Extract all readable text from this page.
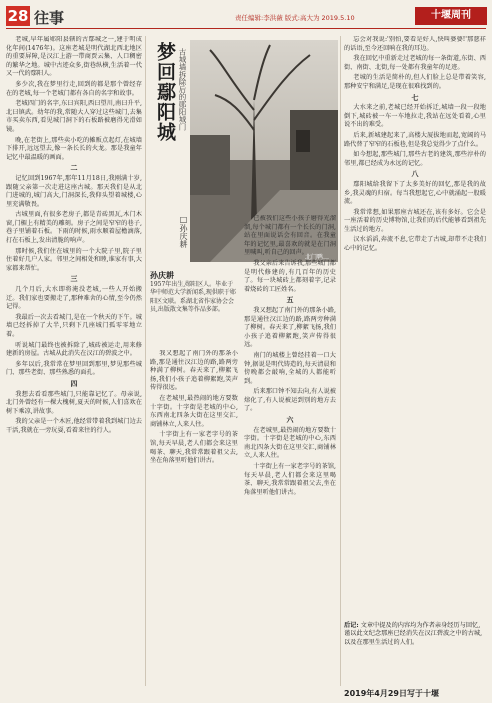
28 往事	责任编辑:李洪薇 版式:高大为 2019.5.10	十堰周刊

老城,早年属郧阳县辖的古鄢城之一,建于明成化年间(1476年)。这座老城是明代湖北西北地区的重要屏障,是汉江上游一带商贾云集、人口稠密的繁华之地。城中古迹众多,街巷纵横,生活着一代又一代的鄢阳人。

多少次,我在梦里行走,回到的都是那个曾经存在的老城,每一个老城门都有各自的名字和故事。

老城四门的名字,东曰宾阳,西曰望川,南曰升平,北曰镇武。幼年的我,常随大人穿过这些城门,去集市买卖东西,看见城门洞下的石板路被磨得光滑如镜。

晚,在老街上,那些卖小吃的摊贩点起灯,在城墙下排开,远远望去,像一条长长的火龙。那是我童年记忆中最温暖的画面。

二

记忆回到1967年,那年11月18日,我刚满十岁,跟随父亲第一次走进这座古城。那天我们是从北门进城的,城门高大,门洞深长,我仰头望着城楼,心里充满敬畏。

古城里面,有很多老房子,都是青砖黑瓦,木门木窗,门楣上有精美的雕刻。房子之间是窄窄的巷子,巷子里铺着石板。下雨的时候,雨水顺着屋檐滴落,打在石板上,发出清脆的响声。

那时候,我们住在城里的一个大院子里,院子里住着好几户人家。邻里之间相处和睦,谁家有事,大家都来帮忙。

三

几个月后,大水即将淹没老城,一些人开始搬迁。我们家也要搬走了,那种难舍的心情,至今仍然记得。

我最后一次去看城门,是在一个秋天的下午。城墙已经拆掉了大半,只剩下几座城门孤零零地立着。

听说城门最终也被拆除了,城砖被运走,用来修建新的房屋。古城从此消失在汉江的碧波之中。

多年以后,我常常在梦里回到那里,梦见那些城门、那些老街、那些熟悉的面孔。

四

我想去看看那些城门,只能靠记忆了。母亲说,北门外曾经有一棵大槐树,夏天的时候,人们喜欢在树下乘凉,讲故事。

我的父亲是一个木匠,他经常带着我到城门边去干活,我就在一旁玩耍,看着来往的行人。

梦回鄢阳城 古城墙拆除后的郧阳城门
□孙庆耕
北门鸭…
孙庆耕
1957年出生,郧阳区人。毕业于华中师范大学新闻系,现供职于郧阳区文联。系湖北省作家协会会员,出版散文集等作品多部。

已被我们这些小孩子磨得光溜溜,每个城门都有一个长长的门洞,站在里面说话会有回音。在我童年的记忆里,最喜欢的就是在门洞里喊叫,听自己的回声。

我父亲后来告诉我,那些城门都是明代修建的,有几百年的历史了。每一块城砖上都刻着字,记录着烧砖的工匠姓名。

五

我又想起了南门外的那条小路,那是通往汉江边的路,路两旁种满了柳树。春天来了,柳絮飞扬,我们小孩子追着柳絮跑,笑声传得很远。

南门的城楼上曾经挂着一口大钟,据说是明代铸造的,每天清晨和傍晚都会敲响,全城的人都能听到。

后来那口钟不知去向,有人说被熔化了,有人说被运到别的地方去了。

六

在老城里,最热闹的地方要数十字街。十字街是老城的中心,东西南北四条大街在这里交汇,商铺林立,人来人往。

十字街上有一家老字号的茶馆,每天早晨,老人们都会来这里喝茶、聊天,我常常跟着祖父去,坐在角落里听他们讲古。

我又想起了南门外的那条小路,那是通往汉江边的路,路两旁种满了柳树。春天来了,柳絮飞扬,我们小孩子追着柳絮跑,笑声传得很远。

在老城里,最热闹的地方要数十字街。十字街是老城的中心,东西南北四条大街在这里交汇,商铺林立,人来人往。

十字街上有一家老字号的茶馆,每天早晨,老人们都会来这里喝茶、聊天,我常常跟着祖父去,坐在角落里听他们讲古。

忘会对我说:'别怕,要看是好人,快叫婆婆!'那慈祥的话语,至今还回响在我的耳边。

我在回忆中重新走过老城的每一条街道,东街、西街、南街、北街,每一处都有我童年的足迹。

老城的生活是简朴的,但人们脸上总是带着笑容,那种安宁和满足,是现在很难找到的。

七

大水来之前,老城已经开始拆迁,城墙一段一段地倒下,城砖被一车一车地拉走,我站在远处看着,心里说不出的难受。

后来,新城建起来了,高楼大厦拔地而起,宽阔的马路代替了窄窄的石板巷,但是我总觉得少了点什么。

如今想起,那些城门,那些古老的建筑,那些淳朴的邻里,都已经成为永远的记忆。

八

鄢阳城给我留下了太多美好的回忆,那是我的故乡,我灵魂的归宿。每当我想起它,心中就涌起一股暖流。

我常常想,如果那座古城还在,该有多好。它会是一座活着的历史博物馆,让我们的后代能够看到祖先生活过的地方。

汉水滔滔,奔流不息,它带走了古城,却带不走我们心中的记忆。

后记: 文章中提及的内容均为作者亲身经历与回忆,谨以此文纪念那座已经消失在汉江碧波之中的古城,以及在那里生活过的人们。
2019年4月29日写于十堰
